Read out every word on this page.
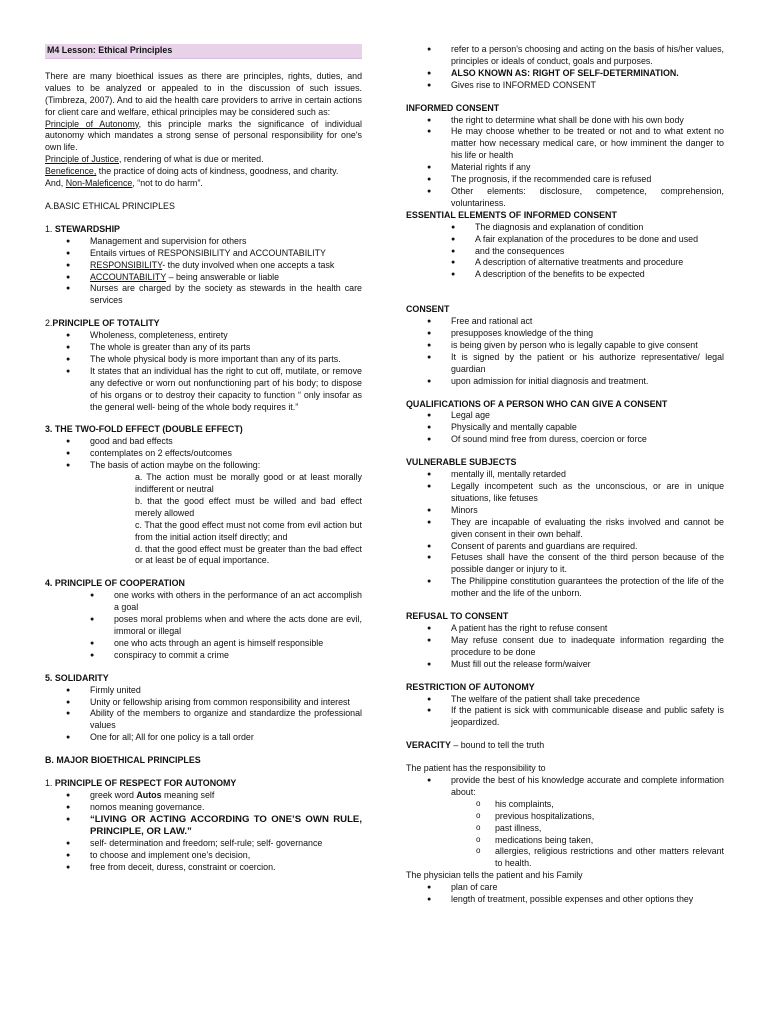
M4 Lesson: Ethical Principles

There are many bioethical issues as there are principles, rights, duties, and values to be analyzed or appealed to in the discussion of such issues. (Timbreza, 2007). And to aid the health care providers to arrive in certain actions for client care and welfare, ethical principles may be considered such as:

Principle of Autonomy, this principle marks the significance of individual autonomy which mandates a strong sense of personal responsibility for one's own life.

Principle of Justice, rendering of what is due or merited.

Beneficence, the practice of doing acts of kindness, goodness, and charity.

And, Non-Maleficence, “not to do harm”.

A.BASIC ETHICAL PRINCIPLES
1. STEWARDSHIP
● Management and supervision for others
● Entails virtues of RESPONSIBILITY and ACCOUNTABILITY
● RESPONSIBILITY- the duty involved when one accepts a task
● ACCOUNTABILITY – being answerable or liable
● Nurses are charged by the society as stewards in the health care services
2.PRINCIPLE OF TOTALITY
● Wholeness, completeness, entirety
● The whole is greater than any of its parts
● The whole physical body is more important than any of its parts.
● It states that an individual has the right to cut off, mutilate, or remove any defective or worn out nonfunctioning part of his body; to dispose of his organs or to destroy their capacity to function “ only insofar as the general well- being of the whole body requires it.”
3. THE TWO-FOLD EFFECT (DOUBLE EFFECT)
● good and bad effects
● contemplates on 2 effects/outcomes
● The basis of action maybe on the following:
a. The action must be morally good or at least morally indifferent or neutral
b. that the good effect must be willed and bad effect merely allowed
c. That the good effect must not come from evil action but from the initial action itself directly; and
d. that the good effect must be greater than the bad effect or at least be of equal importance.
4. PRINCIPLE OF COOPERATION
● one works with others in the performance of an act accomplish a goal
● poses moral problems when and where the acts done are evil, immoral or illegal
● one who acts through an agent is himself responsible
● conspiracy to commit a crime
5. SOLIDARITY
● Firmly united
● Unity or fellowship arising from common responsibility and interest
● Ability of the members to organize and standardize the professional values
● One for all; All for one policy is a tall order
B. MAJOR BIOETHICAL PRINCIPLES
1. PRINCIPLE OF RESPECT FOR AUTONOMY
● greek word Autos meaning self
● nomos meaning governance.
● “LIVING OR ACTING ACCORDING TO ONE’S OWN RULE, PRINCIPLE, OR LAW.”
● self- determination and freedom; self-rule; self- governance
● to choose and implement one’s decision,
● free from deceit, duress, constraint or coercion.
● refer to a person's choosing and acting on the basis of his/her values, principles or ideals of conduct, goals and purposes.
● ALSO KNOWN AS: RIGHT OF SELF-DETERMINATION.
● Gives rise to INFORMED CONSENT
INFORMED CONSENT
● the right to determine what shall be done with his own body
● He may choose whether to be treated or not and to what extent no matter how necessary medical care, or how imminent the danger to his life or health
● Material rights if any
● The prognosis, if the recommended care is refused
● Other elements: disclosure, competence, comprehension, voluntariness.
ESSENTIAL ELEMENTS OF INFORMED CONSENT
● The diagnosis and explanation of condition
● A fair explanation of the procedures to be done and used
● and the consequences
● A description of alternative treatments and procedure
● A description of the benefits to be expected
CONSENT
● Free and rational act
● presupposes knowledge of the thing
● is being given by person who is legally capable to give consent
● It is signed by the patient or his authorize representative/ legal guardian
● upon admission for initial diagnosis and treatment.
QUALIFICATIONS OF A PERSON WHO CAN GIVE A CONSENT
● Legal age
● Physically and mentally capable
● Of sound mind free from duress, coercion or force
VULNERABLE SUBJECTS
● mentally ill, mentally retarded
● Legally incompetent such as the unconscious, or are in unique situations, like fetuses
● Minors
● They are incapable of evaluating the risks involved and cannot be given consent in their own behalf.
● Consent of parents and guardians are required.
● Fetuses shall have the consent of the third person because of the possible danger or injury to it.
● The Philippine constitution guarantees the protection of the life of the mother and the life of the unborn.
REFUSAL TO CONSENT
● A patient has the right to refuse consent
● May refuse consent due to inadequate information regarding the procedure to be done
● Must fill out the release form/waiver
RESTRICTION OF AUTONOMY
● The welfare of the patient shall take precedence
● If the patient is sick with communicable disease and public safety is jeopardized.
VERACITY – bound to tell the truth
The patient has the responsibility to
● provide the best of his knowledge accurate and complete information about:
o his complaints,
o previous hospitalizations,
o past illness,
o medications being taken,
o allergies, religious restrictions and other matters relevant to health.
The physician tells the patient and his Family
● plan of care
● length of treatment, possible expenses and other options they
